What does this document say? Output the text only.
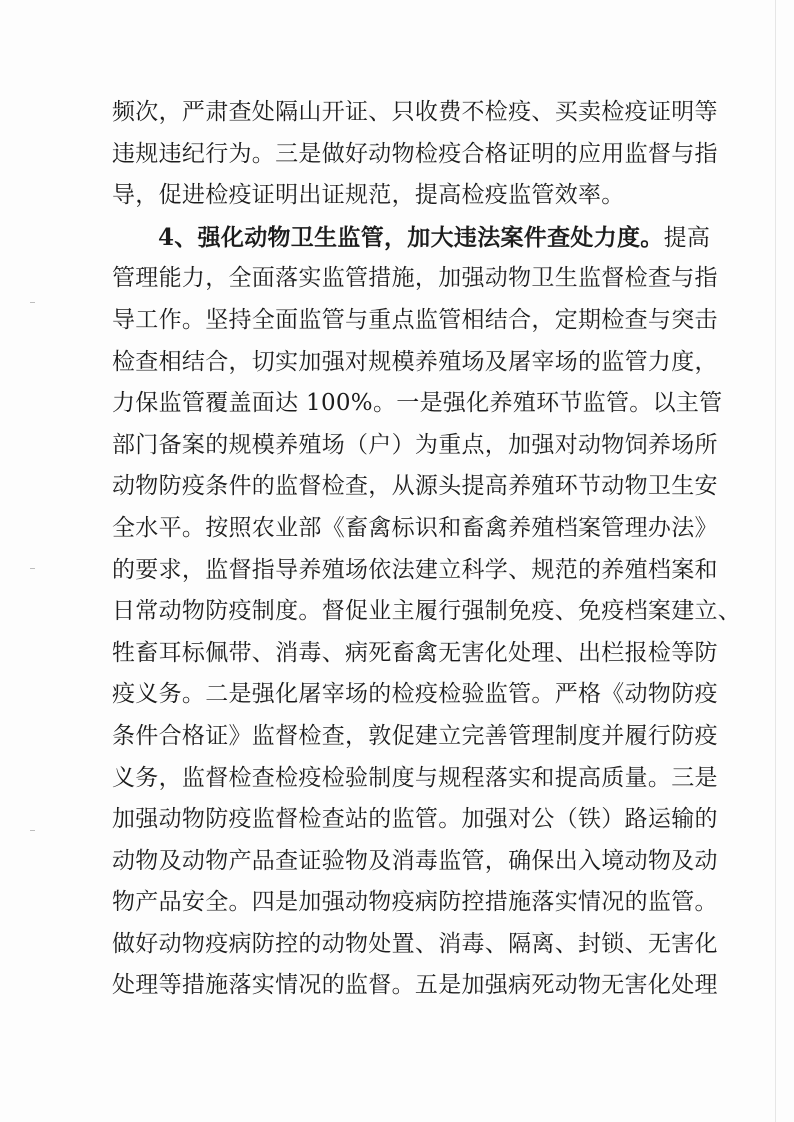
频次，严肃查处隔山开证、只收费不检疫、买卖检疫证明等
违规违纪行为。三是做好动物检疫合格证明的应用监督与指
导，促进检疫证明出证规范，提高检疫监管效率。
4、强化动物卫生监管，加大违法案件查处力度。提高
管理能力，全面落实监管措施，加强动物卫生监督检查与指
导工作。坚持全面监管与重点监管相结合，定期检查与突击
检查相结合，切实加强对规模养殖场及屠宰场的监管力度，
力保监管覆盖面达 100%。一是强化养殖环节监管。以主管
部门备案的规模养殖场（户）为重点，加强对动物饲养场所
动物防疫条件的监督检查，从源头提高养殖环节动物卫生安
全水平。按照农业部《畜禽标识和畜禽养殖档案管理办法》
的要求，监督指导养殖场依法建立科学、规范的养殖档案和
日常动物防疫制度。督促业主履行强制免疫、免疫档案建立、
牲畜耳标佩带、消毒、病死畜禽无害化处理、出栏报检等防
疫义务。二是强化屠宰场的检疫检验监管。严格《动物防疫
条件合格证》监督检查，敦促建立完善管理制度并履行防疫
义务，监督检查检疫检验制度与规程落实和提高质量。三是
加强动物防疫监督检查站的监管。加强对公（铁）路运输的
动物及动物产品查证验物及消毒监管，确保出入境动物及动
物产品安全。四是加强动物疫病防控措施落实情况的监管。
做好动物疫病防控的动物处置、消毒、隔离、封锁、无害化
处理等措施落实情况的监督。五是加强病死动物无害化处理
